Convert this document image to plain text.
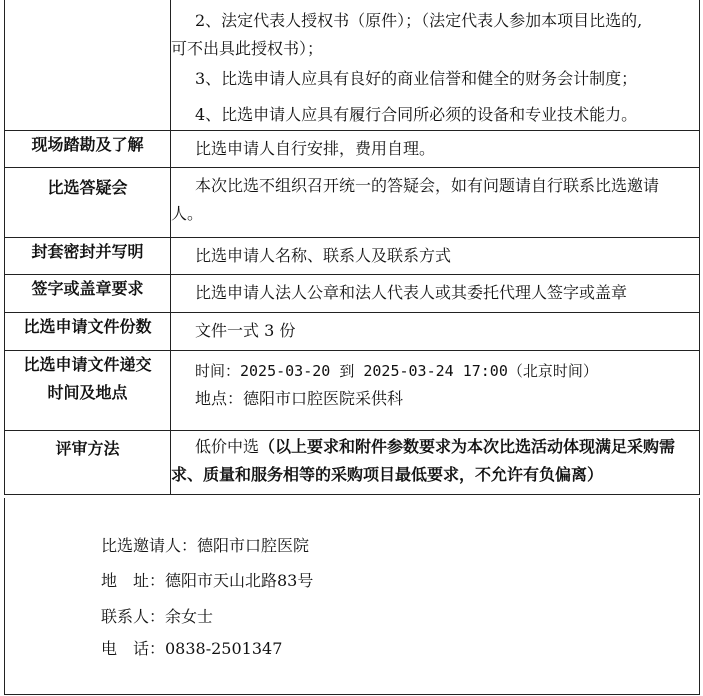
	2、法定代表人授权书（原件）；（法定代表人参加本项目比选的,
可不出具此授权书）；
3、比选申请人应具有良好的商业信誉和健全的财务会计制度；
4、比选申请人应具有履行合同所必须的设备和专业技术能力。

现场踏勘及了解	比选申请人自行安排，费用自理。
比选答疑会	本次比选不组织召开统一的答疑会，如有问题请自行联系比选邀请人。
封套密封并写明	比选申请人名称、联系人及联系方式
签字或盖章要求	比选申请人法人公章和法人代表人或其委托代理人签字或盖章
比选申请文件份数	文件一式 3 份

比选申请文件递交
时间及地点	时间：2025-03-20 到 2025-03-24 17:00（北京时间）
地点：德阳市口腔医院采供科

评审方法	低价中选（以上要求和附件参数要求为本次比选活动体现满足采购需求、质量和服务相等的采购项目最低要求，不允许有负偏离）
比选邀请人：德阳市口腔医院
地　址：德阳市天山北路83号
联系人：余女士
电　话：0838-2501347
